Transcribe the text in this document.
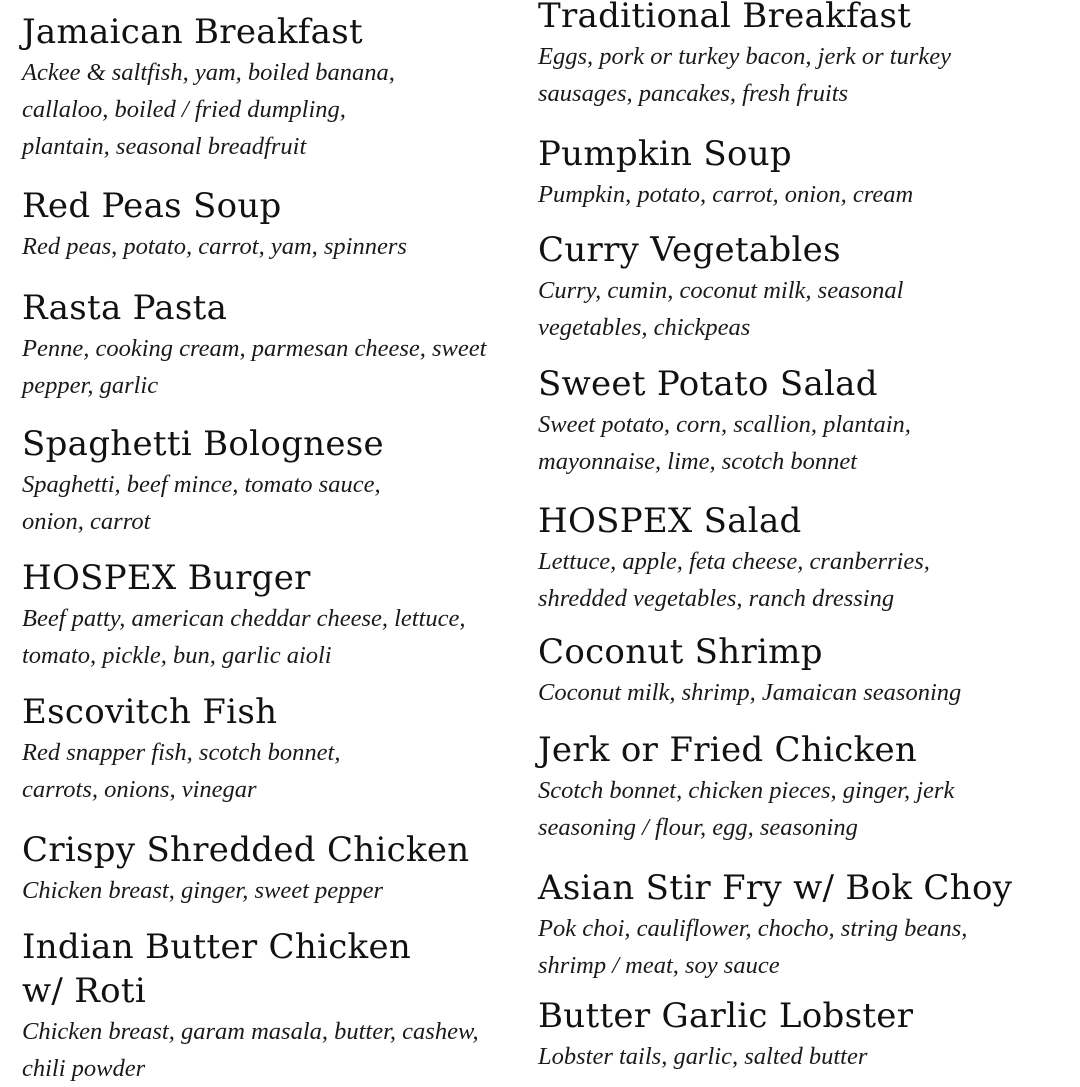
Jamaican Breakfast

Ackee & saltfish, yam, boiled banana,
callaloo, boiled / fried dumpling,
plantain, seasonal breadfruit

Red Peas Soup

Red peas, potato, carrot, yam, spinners

Rasta Pasta

Penne, cooking cream, parmesan cheese, sweet
pepper, garlic

Spaghetti Bolognese

Spaghetti, beef mince, tomato sauce,
onion, carrot

HOSPEX Burger

Beef patty, american cheddar cheese, lettuce,
tomato, pickle, bun, garlic aioli

Escovitch Fish

Red snapper fish, scotch bonnet,
carrots, onions, vinegar

Crispy Shredded Chicken

Chicken breast, ginger, sweet pepper

Indian Butter Chicken
w/ Roti

Chicken breast, garam masala, butter, cashew,
chili powder

Traditional Breakfast

Eggs, pork or turkey bacon, jerk or turkey
sausages, pancakes, fresh fruits

Pumpkin Soup

Pumpkin, potato, carrot, onion, cream

Curry Vegetables

Curry, cumin, coconut milk, seasonal
vegetables, chickpeas

Sweet Potato Salad

Sweet potato, corn, scallion, plantain,
mayonnaise, lime, scotch bonnet

HOSPEX Salad

Lettuce, apple, feta cheese, cranberries,
shredded vegetables, ranch dressing

Coconut Shrimp

Coconut milk, shrimp, Jamaican seasoning

Jerk or Fried Chicken

Scotch bonnet, chicken pieces, ginger, jerk
seasoning / flour, egg, seasoning

Asian Stir Fry w/ Bok Choy

Pok choi, cauliflower, chocho, string beans,
shrimp / meat, soy sauce

Butter Garlic Lobster

Lobster tails, garlic, salted butter
